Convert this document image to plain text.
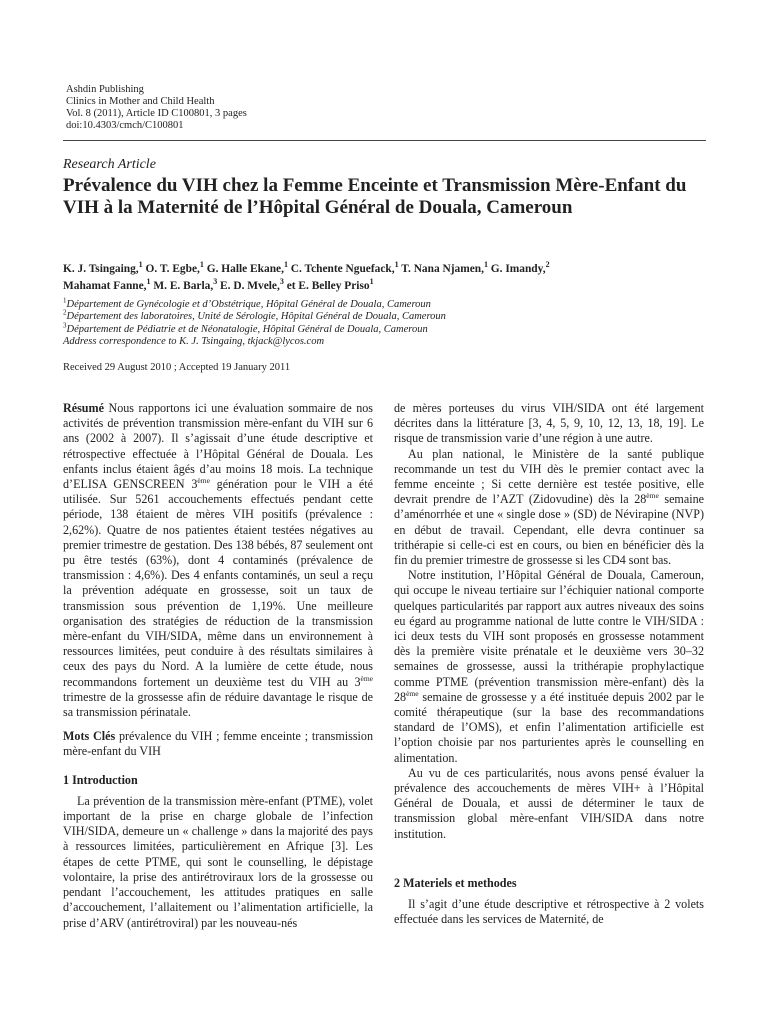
Ashdin Publishing
Clinics in Mother and Child Health
Vol. 8 (2011), Article ID C100801, 3 pages
doi:10.4303/cmch/C100801
Research Article
Prévalence du VIH chez la Femme Enceinte et Transmission Mère-Enfant du VIH à la Maternité de l’Hôpital Général de Douala, Cameroun

K. J. Tsingaing,$^1$ O. T. Egbe,$^1$ G. Halle Ekane,$^1$ C. Tchente Nguefack,$^1$ T. Nana Njamen,$^1$ G. Imandy,$^2$
Mahamat Fanne,$^1$ M. E. Barla,$^3$ E. D. Mvele,$^3$ et E. Belley Priso$^1$

$^1$Département de Gynécologie et d’Obstétrique, Hôpital Général de Douala, Cameroun
$^2$Département des laboratoires, Unité de Sérologie, Hôpital Général de Douala, Cameroun
$^3$Département de Pédiatrie et de Néonatalogie, Hôpital Général de Douala, Cameroun
Address correspondence to K. J. Tsingaing, tkjack@lycos.com
Received 29 August 2010 ; Accepted 19 January 2011

Résumé Nous rapportons ici une évaluation sommaire de nos activités de prévention transmission mère-enfant du VIH sur 6 ans (2002 à 2007). Il s’agissait d’une étude descriptive et rétrospective effectuée à l’Hôpital Général de Douala. Les enfants inclus étaient âgés d’au moins 18 mois. La technique d’ELISA GENSCREEN 3ème génération pour le VIH a été utilisée. Sur 5261 accouchements effectués pendant cette période, 138 étaient de mères VIH positifs (prévalence : 2,62%). Quatre de nos patientes étaient testées négatives au premier trimestre de gestation. Des 138 bébés, 87 seulement ont pu être testés (63%), dont 4 contaminés (prévalence de transmission : 4,6%). Des 4 enfants contaminés, un seul a reçu la prévention adéquate en grossesse, soit un taux de transmission sous prévention de 1,19%. Une meilleure organisation des stratégies de réduction de la transmission mère-enfant du VIH/SIDA, même dans un environnement à ressources limitées, peut conduire à des résultats similaires à ceux des pays du Nord. A la lumière de cette étude, nous recommandons fortement un deuxième test du VIH au 3ème trimestre de la grossesse afin de réduire davantage le risque de sa transmission périnatale.

Mots Clés prévalence du VIH ; femme enceinte ; transmission mère-enfant du VIH

1 Introduction

La prévention de la transmission mère-enfant (PTME), volet important de la prise en charge globale de l’infection VIH/SIDA, demeure un « challenge » dans la majorité des pays à ressources limitées, particulièrement en Afrique [3]. Les étapes de cette PTME, qui sont le counselling, le dépistage volontaire, la prise des antirétroviraux lors de la grossesse ou pendant l’accouchement, les attitudes pratiques en salle d’accouchement, l’allaitement ou l’alimentation artificielle, la prise d’ARV (antirétroviral) par les nouveau-nés

de mères porteuses du virus VIH/SIDA ont été largement décrites dans la littérature [3, 4, 5, 9, 10, 12, 13, 18, 19]. Le risque de transmission varie d’une région à une autre.

Au plan national, le Ministère de la santé publique recommande un test du VIH dès le premier contact avec la femme enceinte ; Si cette dernière est testée positive, elle devrait prendre de l’AZT (Zidovudine) dès la 28ème semaine d’aménorrhée et une « single dose » (SD) de Névirapine (NVP) en début de travail. Cependant, elle devra continuer sa trithérapie si celle-ci est en cours, ou bien en bénéficier dès la fin du premier trimestre de grossesse si les CD4 sont bas.

Notre institution, l’Hôpital Général de Douala, Cameroun, qui occupe le niveau tertiaire sur l’échiquier national comporte quelques particularités par rapport aux autres niveaux des soins eu égard au programme national de lutte contre le VIH/SIDA : ici deux tests du VIH sont proposés en grossesse notamment dès la première visite prénatale et le deuxième vers 30–32 semaines de grossesse, aussi la trithérapie prophylactique comme PTME (prévention transmission mère-enfant) dès la 28ème semaine de grossesse y a été instituée depuis 2002 par le comité thérapeutique (sur la base des recommandations standard de l’OMS), et enfin l’alimentation artificielle est l’option choisie par nos parturientes après le counselling en alimentation.

Au vu de ces particularités, nous avons pensé évaluer la prévalence des accouchements de mères VIH+ à l’Hôpital Général de Douala, et aussi de déterminer le taux de transmission global mère-enfant VIH/SIDA dans notre institution.

2 Materiels et methodes

Il s’agit d’une étude descriptive et rétrospective à 2 volets effectuée dans les services de Maternité, de
